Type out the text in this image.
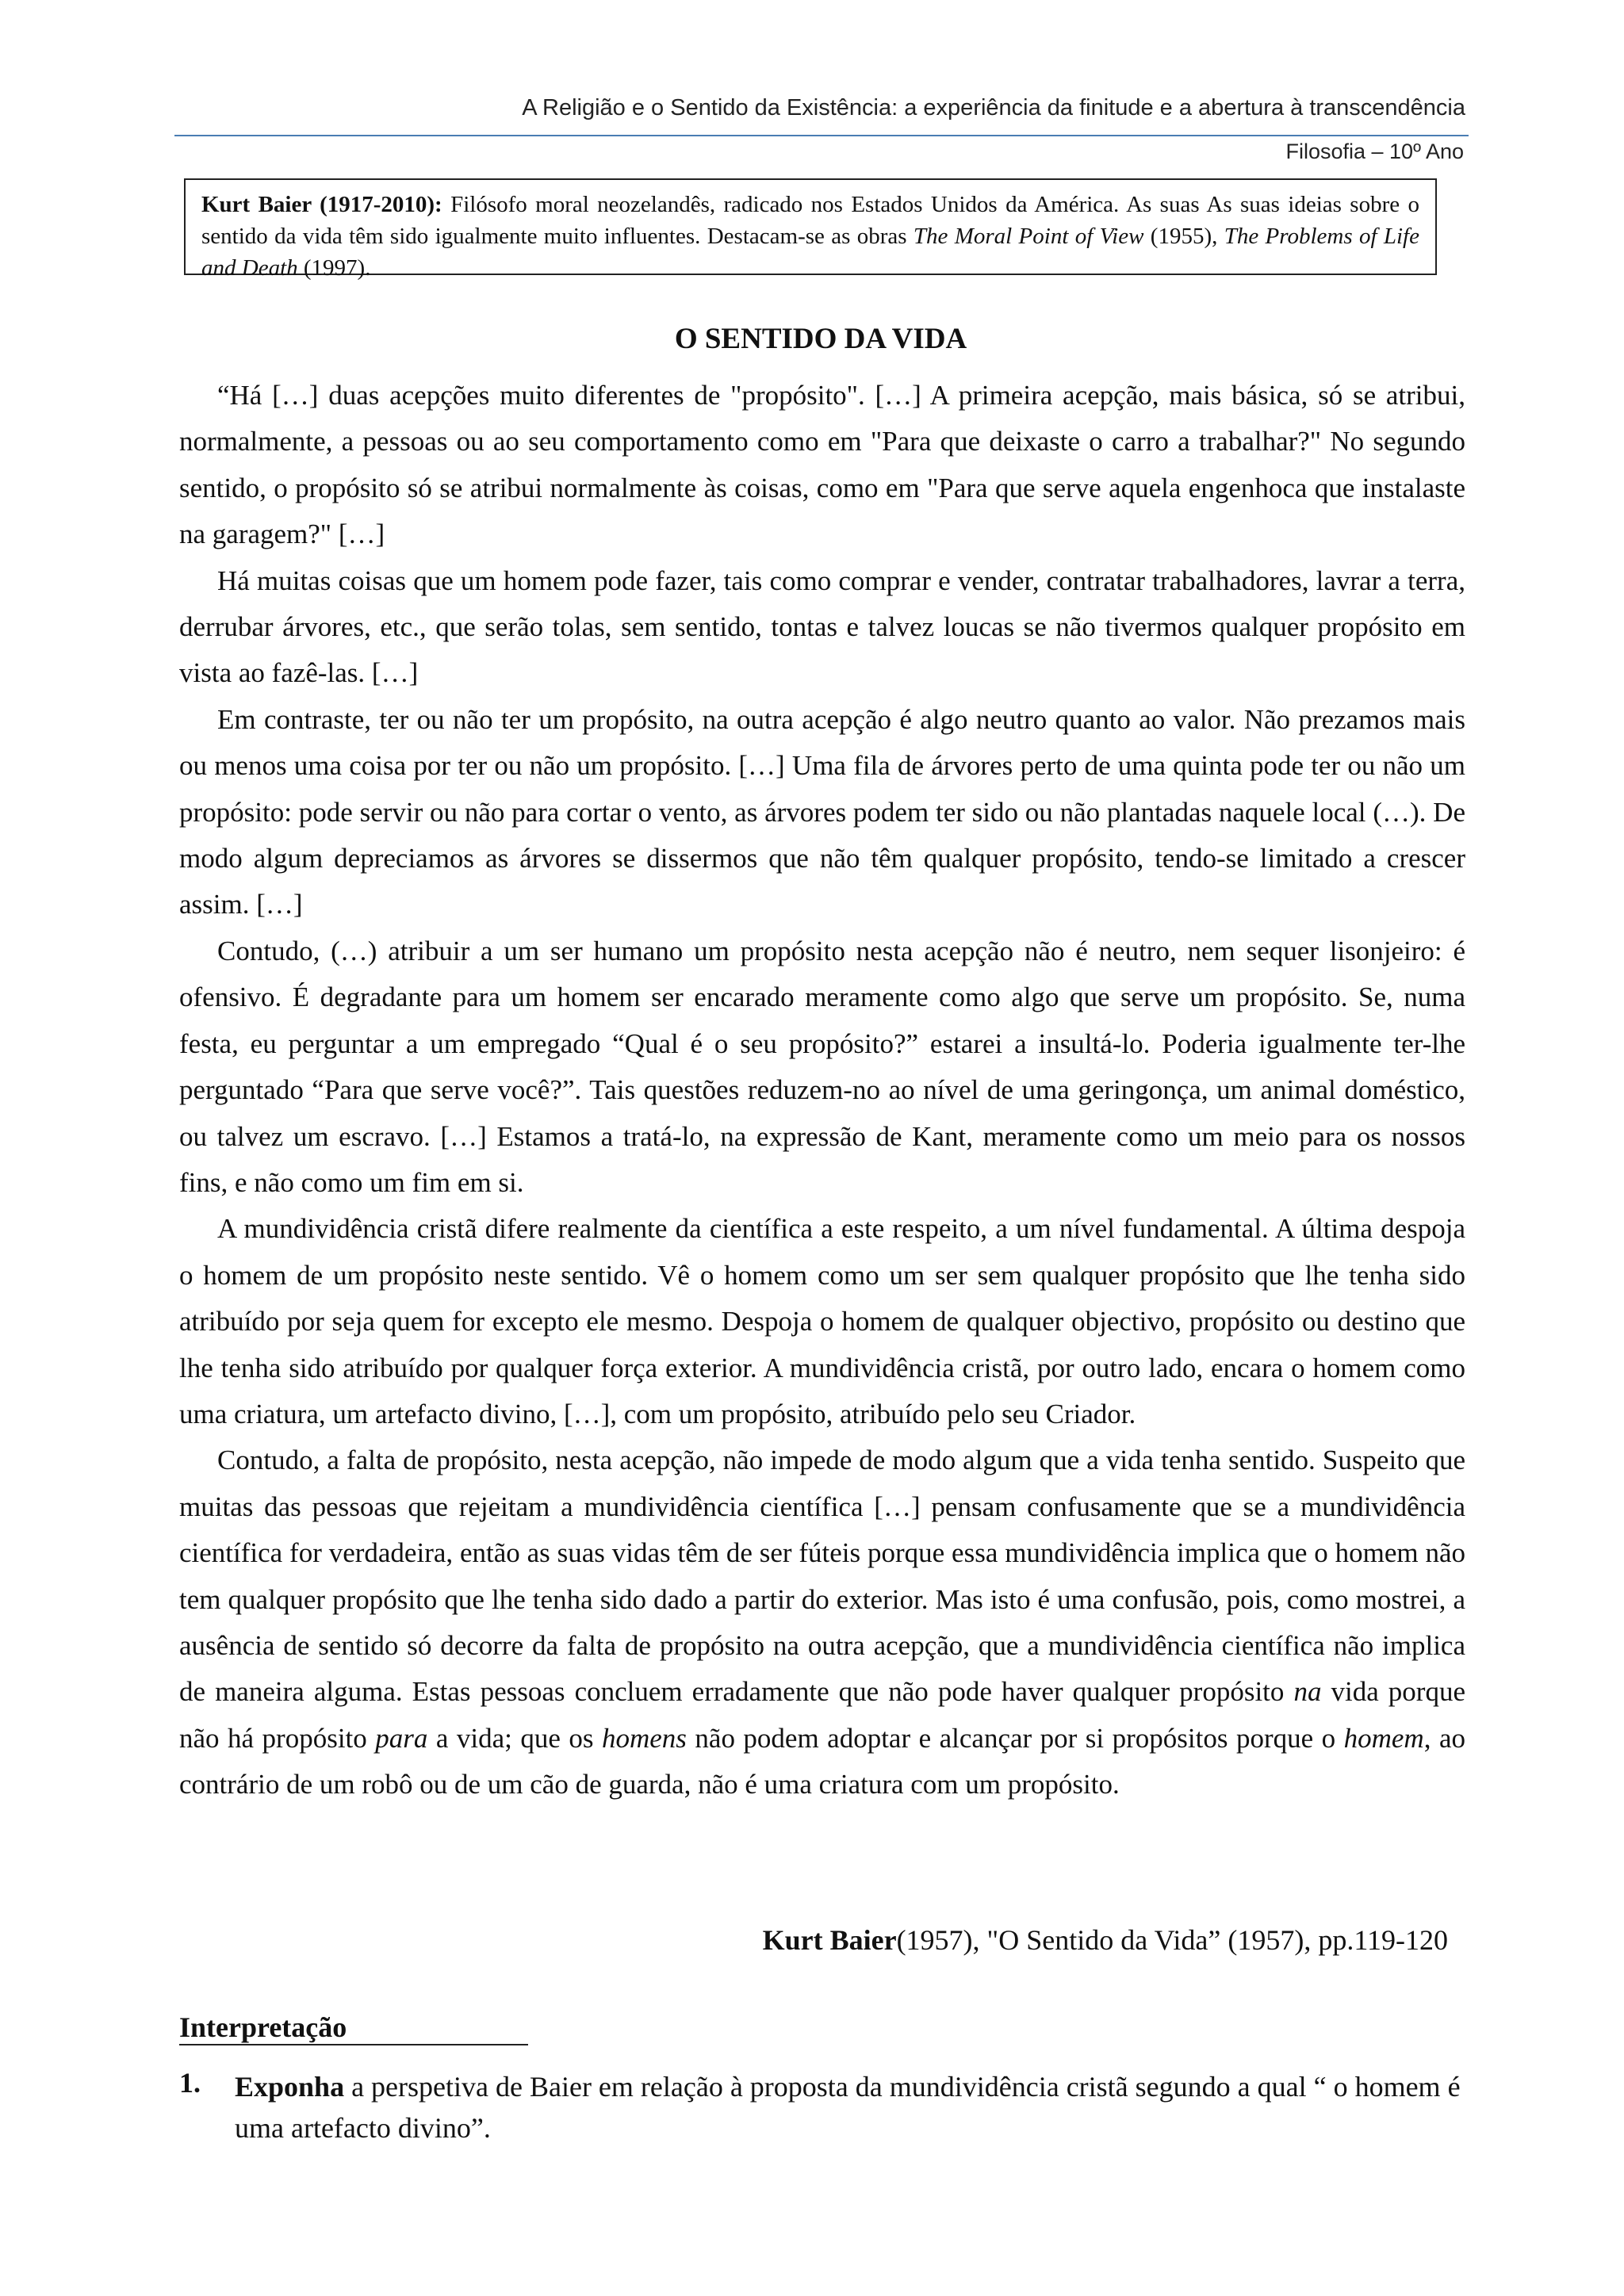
A Religião e o Sentido da Existência: a experiência da finitude e a abertura à transcendência
Filosofia – 10º Ano
Kurt Baier (1917-2010): Filósofo moral neozelandês, radicado nos Estados Unidos da América. As suas As suas ideias sobre o sentido da vida têm sido igualmente muito influentes. Destacam-se as obras The Moral Point of View (1955), The Problems of Life and Death (1997).
O SENTIDO DA VIDA

“Há […] duas acepções muito diferentes de "propósito". […] A primeira acepção, mais básica, só se atribui, normalmente, a pessoas ou ao seu comportamento como em "Para que deixaste o carro a trabalhar?" No segundo sentido, o propósito só se atribui normalmente às coisas, como em "Para que serve aquela engenhoca que instalaste na garagem?" […]

Há muitas coisas que um homem pode fazer, tais como comprar e vender, contratar trabalhadores, lavrar a terra, derrubar árvores, etc., que serão tolas, sem sentido, tontas e talvez loucas se não tivermos qualquer propósito em vista ao fazê-las. […]

Em contraste, ter ou não ter um propósito, na outra acepção é algo neutro quanto ao valor. Não prezamos mais ou menos uma coisa por ter ou não um propósito. […] Uma fila de árvores perto de uma quinta pode ter ou não um propósito: pode servir ou não para cortar o vento, as árvores podem ter sido ou não plantadas naquele local (…). De modo algum depreciamos as árvores se dissermos que não têm qualquer propósito, tendo-se limitado a crescer assim. […]

Contudo, (…) atribuir a um ser humano um propósito nesta acepção não é neutro, nem sequer lisonjeiro: é ofensivo. É degradante para um homem ser encarado meramente como algo que serve um propósito. Se, numa festa, eu perguntar a um empregado “Qual é o seu propósito?” estarei a insultá-lo. Poderia igualmente ter-lhe perguntado “Para que serve você?”. Tais questões reduzem-no ao nível de uma geringonça, um animal doméstico, ou talvez um escravo. […] Estamos a tratá-lo, na expressão de Kant, meramente como um meio para os nossos fins, e não como um fim em si.

A mundividência cristã difere realmente da científica a este respeito, a um nível fundamental. A última despoja o homem de um propósito neste sentido. Vê o homem como um ser sem qualquer propósito que lhe tenha sido atribuído por seja quem for excepto ele mesmo. Despoja o homem de qualquer objectivo, propósito ou destino que lhe tenha sido atribuído por qualquer força exterior. A mundividência cristã, por outro lado, encara o homem como uma criatura, um artefacto divino, […], com um propósito, atribuído pelo seu Criador.

Contudo, a falta de propósito, nesta acepção, não impede de modo algum que a vida tenha sentido. Suspeito que muitas das pessoas que rejeitam a mundividência científica […] pensam confusamente que se a mundividência científica for verdadeira, então as suas vidas têm de ser fúteis porque essa mundividência implica que o homem não tem qualquer propósito que lhe tenha sido dado a partir do exterior. Mas isto é uma confusão, pois, como mostrei, a ausência de sentido só decorre da falta de propósito na outra acepção, que a mundividência científica não implica de maneira alguma. Estas pessoas concluem erradamente que não pode haver qualquer propósito na vida porque não há propósito para a vida; que os homens não podem adoptar e alcançar por si propósitos porque o homem, ao contrário de um robô ou de um cão de guarda, não é uma criatura com um propósito.

Kurt Baier(1957), "O Sentido da Vida” (1957), pp.119-120
Interpretação
1. Exponha a perspetiva de Baier em relação à proposta da mundividência cristã segundo a qual “ o homem é uma artefacto divino”.
